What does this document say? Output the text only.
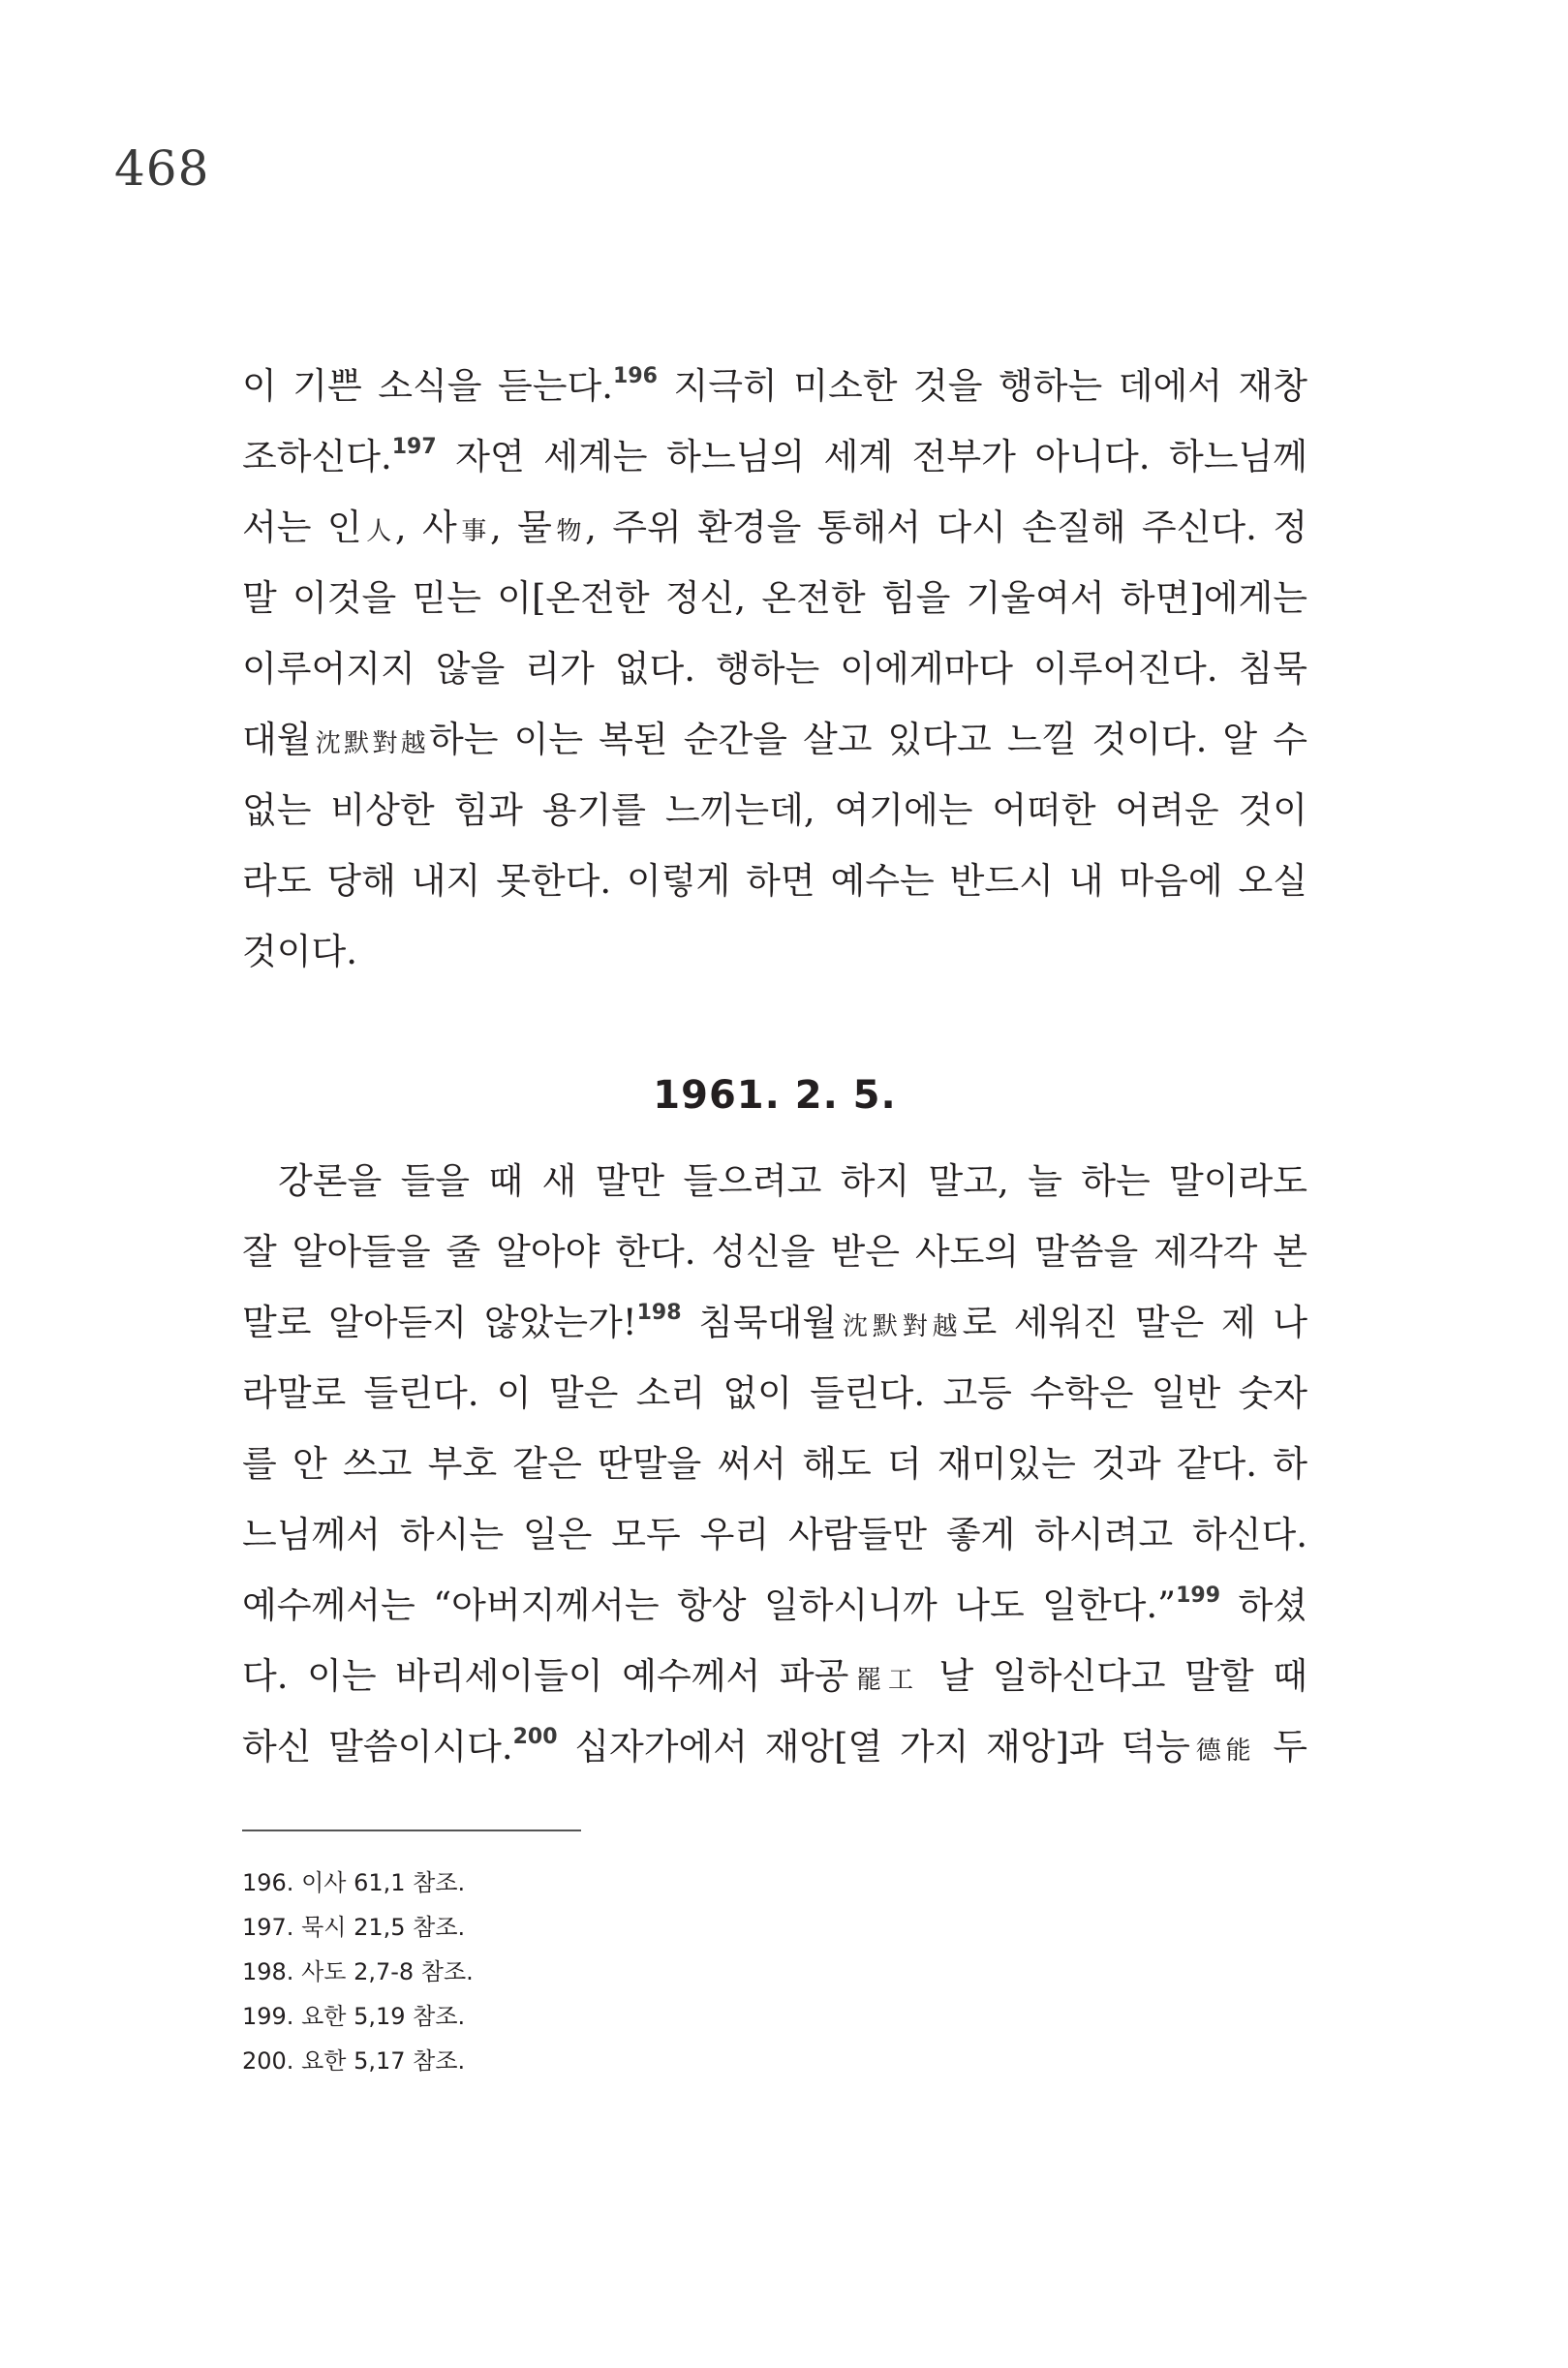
468
이 기쁜 소식을 듣는다.$^{196}$ 지극히 미소한 것을 행하는 데에서 재창
조하신다.$^{197}$ 자연 세계는 하느님의 세계 전부가 아니다. 하느님께
서는 인人, 사事, 물物, 주위 환경을 통해서 다시 손질해 주신다. 정
말 이것을 믿는 이[온전한 정신, 온전한 힘을 기울여서 하면]에게는
이루어지지 않을 리가 없다. 행하는 이에게마다 이루어진다. 침묵
대월沈默對越하는 이는 복된 순간을 살고 있다고 느낄 것이다. 알 수
없는 비상한 힘과 용기를 느끼는데, 여기에는 어떠한 어려운 것이
라도 당해 내지 못한다. 이렇게 하면 예수는 반드시 내 마음에 오실
것이다.
1961. 2. 5.
강론을 들을 때 새 말만 들으려고 하지 말고, 늘 하는 말이라도
잘 알아들을 줄 알아야 한다. 성신을 받은 사도의 말씀을 제각각 본
말로 알아듣지 않았는가!$^{198}$ 침묵대월沈默對越로 세워진 말은 제 나
라말로 들린다. 이 말은 소리 없이 들린다. 고등 수학은 일반 숫자
를 안 쓰고 부호 같은 딴말을 써서 해도 더 재미있는 것과 같다. 하
느님께서 하시는 일은 모두 우리 사람들만 좋게 하시려고 하신다.
예수께서는 “아버지께서는 항상 일하시니까 나도 일한다.”$^{199}$ 하셨
다. 이는 바리세이들이 예수께서 파공罷工 날 일하신다고 말할 때
하신 말씀이시다.$^{200}$ 십자가에서 재앙[열 가지 재앙]과 덕능德能 두
196. 이사 61,1 참조.
197. 묵시 21,5 참조.
198. 사도 2,7-8 참조.
199. 요한 5,19 참조.
200. 요한 5,17 참조.
